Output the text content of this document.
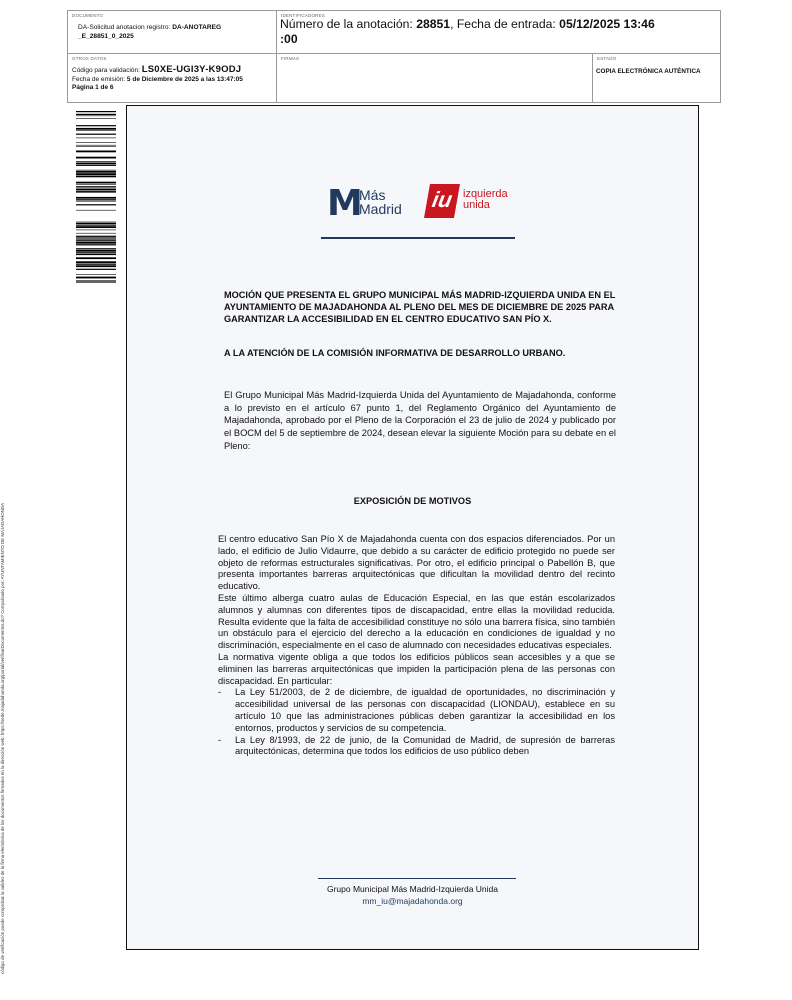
DOCUMENTO
DA-Solicitud anotacion registro: DA-ANOTAREG
_E_28851_0_2025
IDENTIFICADORES
Número de la anotación: 28851, Fecha de entrada: 05/12/2025 13:46
:00
OTROS DATOS
Código para validación: LS0XE-UGI3Y-K9ODJ
Fecha de emisión: 5 de Diciembre de 2025 a las 13:47:05
Página 1 de 6
FIRMAS	ESTADO
COPIA ELECTRÓNICA AUTÉNTICA
código de verificación puede comprobar la validez de la firma electrónica de los documentos firmados en la dirección web: https://sede.majadahonda.org/portal/verificarDocumentos.do? Compulsado por: AYUNTAMIENTO DE MAJADAHONDA
M
Más
Madrid iu izquierda
unida
MOCIÓN QUE PRESENTA EL GRUPO MUNICIPAL MÁS MADRID-IZQUIERDA UNIDA EN EL AYUNTAMIENTO DE MAJADAHONDA AL PLENO DEL MES DE DICIEMBRE DE 2025 PARA GARANTIZAR LA ACCESIBILIDAD EN EL CENTRO EDUCATIVO SAN PÍO X.
A LA ATENCIÓN DE LA COMISIÓN INFORMATIVA DE DESARROLLO URBANO.
El Grupo Municipal Más Madrid-Izquierda Unida del Ayuntamiento de Majadahonda, conforme a lo previsto en el artículo 67 punto 1, del Reglamento Orgánico del Ayuntamiento de Majadahonda, aprobado por el Pleno de la Corporación el 23 de julio de 2024 y publicado por el BOCM del 5 de septiembre de 2024, desean elevar la siguiente Moción para su debate en el Pleno:
EXPOSICIÓN DE MOTIVOS

El centro educativo San Pío X de Majadahonda cuenta con dos espacios diferenciados. Por un lado, el edificio de Julio Vidaurre, que debido a su carácter de edificio protegido no puede ser objeto de reformas estructurales significativas. Por otro, el edificio principal o Pabellón B, que presenta importantes barreras arquitectónicas que dificultan la movilidad dentro del recinto educativo.

Este último alberga cuatro aulas de Educación Especial, en las que están escolarizados alumnos y alumnas con diferentes tipos de discapacidad, entre ellas la movilidad reducida. Resulta evidente que la falta de accesibilidad constituye no sólo una barrera física, sino también un obstáculo para el ejercicio del derecho a la educación en condiciones de igualdad y no discriminación, especialmente en el caso de alumnado con necesidades educativas especiales.

La normativa vigente obliga a que todos los edificios públicos sean accesibles y a que se eliminen las barreras arquitectónicas que impiden la participación plena de las personas con discapacidad. En particular:

- La Ley 51/2003, de 2 de diciembre, de igualdad de oportunidades, no discriminación y accesibilidad universal de las personas con discapacidad (LIONDAU), establece en su artículo 10 que las administraciones públicas deben garantizar la accesibilidad en los entornos, productos y servicios de su competencia.
- La Ley 8/1993, de 22 de junio, de la Comunidad de Madrid, de supresión de barreras arquitectónicas, determina que todos los edificios de uso público deben
Grupo Municipal Más Madrid-Izquierda Unida
mm_iu@majadahonda.org
